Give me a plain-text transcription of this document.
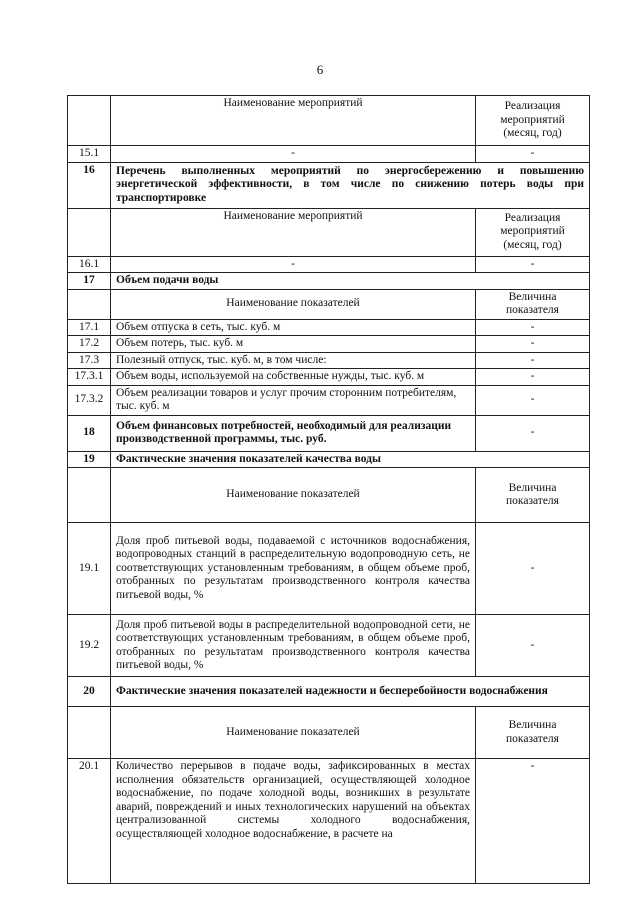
6
	Наименование мероприятий	Реализация мероприятий (месяц, год)
15.1	-	-
16	Перечень выполненных мероприятий по энергосбережению и повышению энергетической эффективности, в том числе по снижению потерь воды при транспортировке	
	Наименование мероприятий	Реализация мероприятий (месяц, год)
16.1	-	-
17	Объем подачи воды	
	Наименование показателей	Величина показателя
17.1	Объем отпуска в сеть, тыс. куб. м	-
17.2	Объем потерь, тыс. куб. м	-
17.3	Полезный отпуск, тыс. куб. м, в том числе:	-
17.3.1	Объем воды, используемой на собственные нужды, тыс. куб. м	-
17.3.2	Объем реализации товаров и услуг прочим сторонним потребителям, тыс. куб. м	-
18	Объем финансовых потребностей, необходимый для реализации производственной программы, тыс. руб.	-
19	Фактические значения показателей качества воды	
	Наименование показателей	Величина показателя
19.1	Доля проб питьевой воды, подаваемой с источников водоснабжения, водопроводных станций в распределительную водопроводную сеть, не соответствующих установленным требованиям, в общем объеме проб, отобранных по результатам производственного контроля качества питьевой воды, %	-
19.2	Доля проб питьевой воды в распределительной водопроводной сети, не соответствующих установленным требованиям, в общем объеме проб, отобранных по результатам производственного контроля качества питьевой воды, %	-
20	Фактические значения показателей надежности и бесперебойности водоснабжения	
	Наименование показателей	Величина показателя
20.1	Количество перерывов в подаче воды, зафиксированных в местах исполнения обязательств организацией, осуществляющей холодное водоснабжение, по подаче холодной воды, возникших в результате аварий, повреждений и иных технологических нарушений на объектах централизованной системы холодного водоснабжения, осуществляющей холодное водоснабжение, в расчете на	-
